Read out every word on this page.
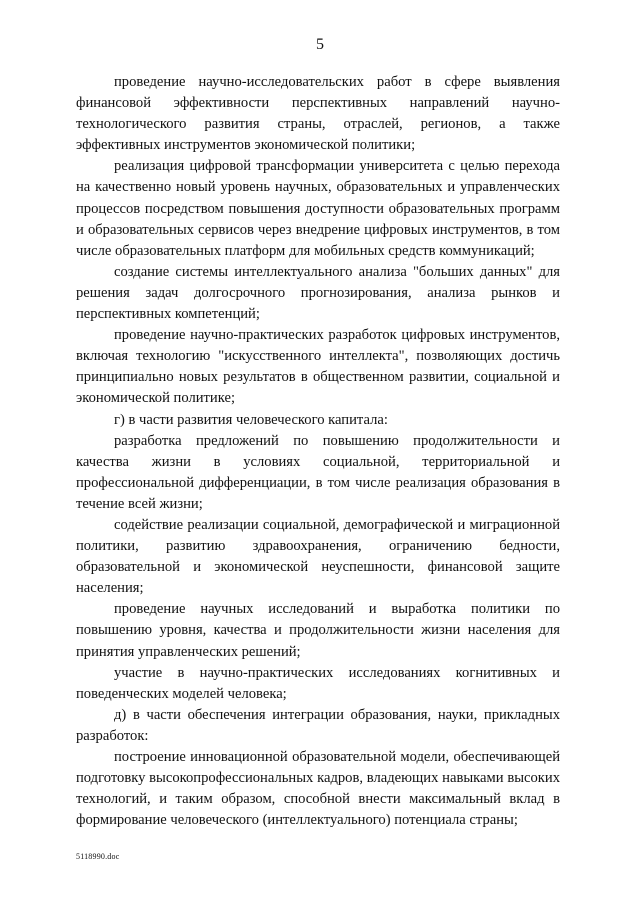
5

проведение научно-исследовательских работ в сфере выявления финансовой эффективности перспективных направлений научно-технологического развития страны, отраслей, регионов, а также эффективных инструментов экономической политики;

реализация цифровой трансформации университета с целью перехода на качественно новый уровень научных, образовательных и управленческих процессов посредством повышения доступности образовательных программ и образовательных сервисов через внедрение цифровых инструментов, в том числе образовательных платформ для мобильных средств коммуникаций;

создание системы интеллектуального анализа "больших данных" для решения задач долгосрочного прогнозирования, анализа рынков и перспективных компетенций;

проведение научно-практических разработок цифровых инструментов, включая технологию "искусственного интеллекта", позволяющих достичь принципиально новых результатов в общественном развитии, социальной и экономической политике;

г) в части развития человеческого капитала:

разработка предложений по повышению продолжительности и качества жизни в условиях социальной, территориальной и профессиональной дифференциации, в том числе реализация образования в течение всей жизни;

содействие реализации социальной, демографической и миграционной политики, развитию здравоохранения, ограничению бедности, образовательной и экономической неуспешности, финансовой защите населения;

проведение научных исследований и выработка политики по повышению уровня, качества и продолжительности жизни населения для принятия управленческих решений;

участие в научно-практических исследованиях когнитивных и поведенческих моделей человека;

д) в части обеспечения интеграции образования, науки, прикладных разработок:

построение инновационной образовательной модели, обеспечивающей подготовку высокопрофессиональных кадров, владеющих навыками высоких технологий, и таким образом, способной внести максимальный вклад в формирование человеческого (интеллектуального) потенциала страны;

5118990.doc
